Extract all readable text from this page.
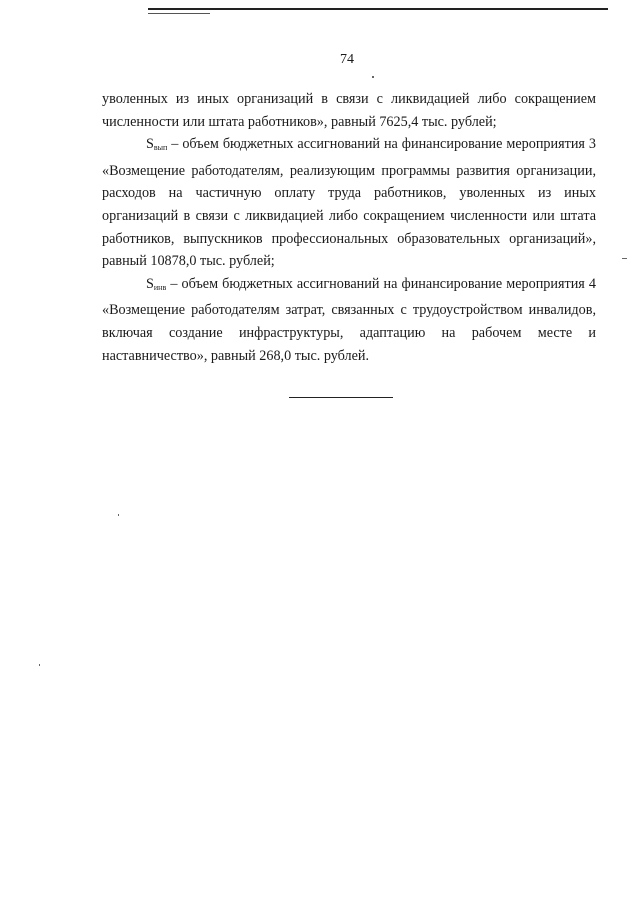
74

уволенных из иных организаций в связи с ликвидацией либо сокращением численности или штата работников», равный 7625,4 тыс. рублей;

$S_{вып}$ – объем бюджетных ассигнований на финансирование мероприятия 3 «Возмещение работодателям, реализующим программы развития организации, расходов на частичную оплату труда работников, уволенных из иных организаций в связи с ликвидацией либо сокращением численности или штата работников, выпускников профессиональных образовательных организаций», равный 10878,0 тыс. рублей;

$S_{инв}$ – объем бюджетных ассигнований на финансирование мероприятия 4 «Возмещение работодателям затрат, связанных с трудоустройством инвалидов, включая создание инфраструктуры, адаптацию на рабочем месте и наставничество», равный 268,0 тыс. рублей.
